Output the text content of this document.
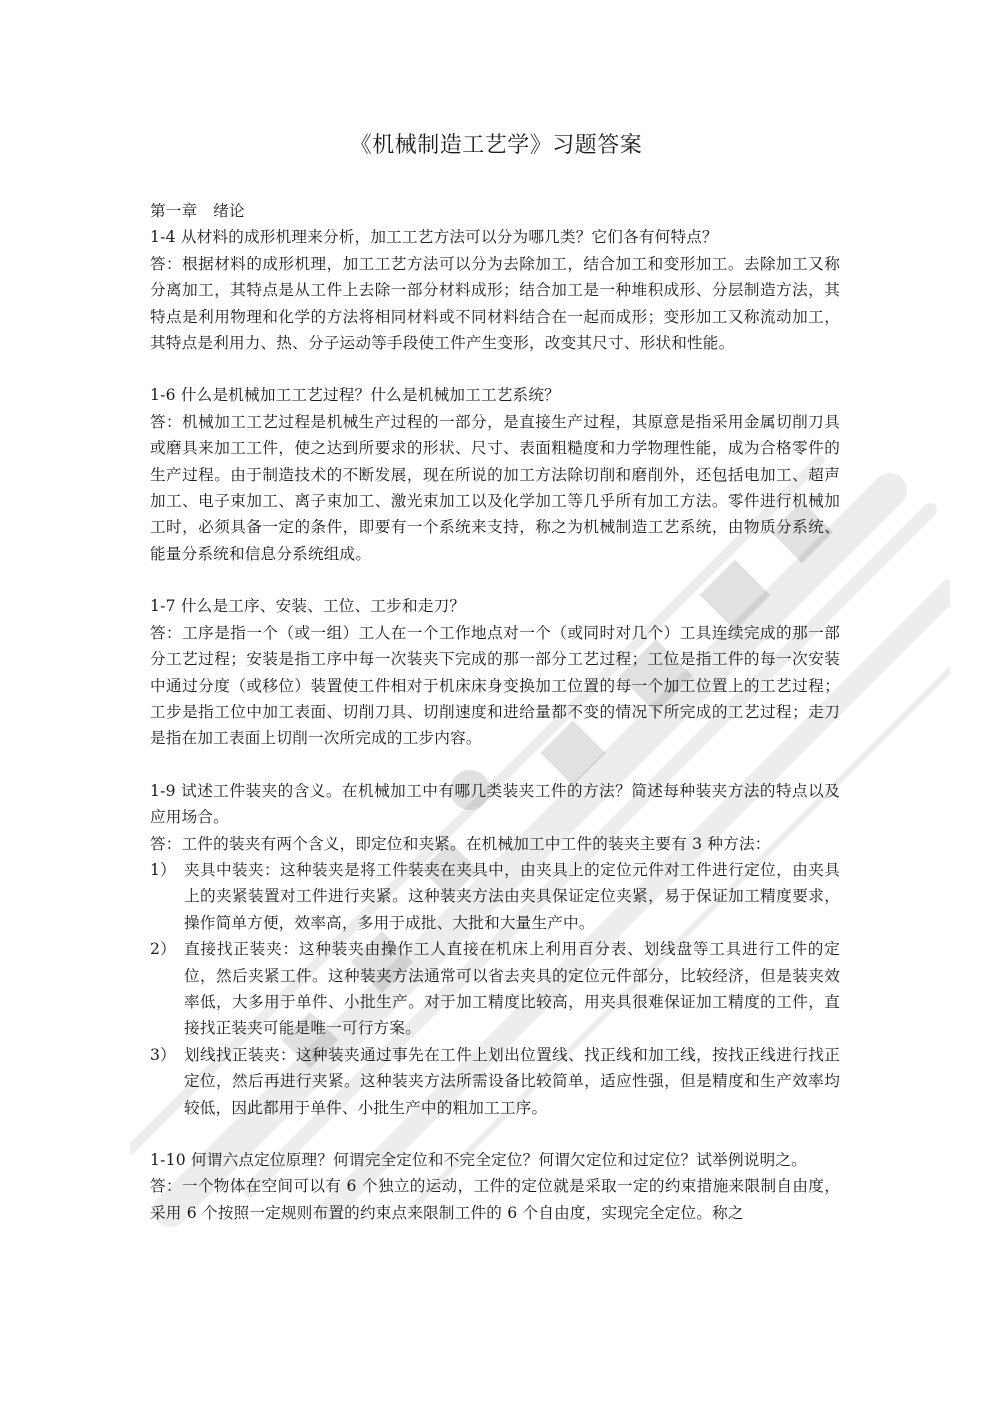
《机械制造工艺学》习题答案

第一章　绪论

1-4 从材料的成形机理来分析，加工工艺方法可以分为哪几类？它们各有何特点？

答：根据材料的成形机理，加工工艺方法可以分为去除加工，结合加工和变形加工。去除加工又称分离加工，其特点是从工件上去除一部分材料成形；结合加工是一种堆积成形、分层制造方法，其特点是利用物理和化学的方法将相同材料或不同材料结合在一起而成形；变形加工又称流动加工，其特点是利用力、热、分子运动等手段使工件产生变形，改变其尺寸、形状和性能。

1-6 什么是机械加工工艺过程？什么是机械加工工艺系统？

答：机械加工工艺过程是机械生产过程的一部分，是直接生产过程，其原意是指采用金属切削刀具或磨具来加工工件，使之达到所要求的形状、尺寸、表面粗糙度和力学物理性能，成为合格零件的生产过程。由于制造技术的不断发展，现在所说的加工方法除切削和磨削外，还包括电加工、超声加工、电子束加工、离子束加工、激光束加工以及化学加工等几乎所有加工方法。零件进行机械加工时，必须具备一定的条件，即要有一个系统来支持，称之为机械制造工艺系统，由物质分系统、能量分系统和信息分系统组成。

1-7 什么是工序、安装、工位、工步和走刀？

答：工序是指一个（或一组）工人在一个工作地点对一个（或同时对几个）工具连续完成的那一部分工艺过程；安装是指工序中每一次装夹下完成的那一部分工艺过程；工位是指工件的每一次安装中通过分度（或移位）装置使工件相对于机床床身变换加工位置的每一个加工位置上的工艺过程；工步是指工位中加工表面、切削刀具、切削速度和进给量都不变的情况下所完成的工艺过程；走刀是指在加工表面上切削一次所完成的工步内容。

1-9 试述工件装夹的含义。在机械加工中有哪几类装夹工件的方法？简述每种装夹方法的特点以及应用场合。

答：工件的装夹有两个含义，即定位和夹紧。在机械加工中工件的装夹主要有 3 种方法：

1） 夹具中装夹：这种装夹是将工件装夹在夹具中，由夹具上的定位元件对工件进行定位，由夹具上的夹紧装置对工件进行夹紧。这种装夹方法由夹具保证定位夹紧，易于保证加工精度要求，操作简单方便，效率高，多用于成批、大批和大量生产中。
2） 直接找正装夹：这种装夹由操作工人直接在机床上利用百分表、划线盘等工具进行工件的定位，然后夹紧工件。这种装夹方法通常可以省去夹具的定位元件部分，比较经济，但是装夹效率低，大多用于单件、小批生产。对于加工精度比较高，用夹具很难保证加工精度的工件，直接找正装夹可能是唯一可行方案。
3） 划线找正装夹：这种装夹通过事先在工件上划出位置线、找正线和加工线，按找正线进行找正定位，然后再进行夹紧。这种装夹方法所需设备比较简单，适应性强，但是精度和生产效率均较低，因此都用于单件、小批生产中的粗加工工序。

1-10 何谓六点定位原理？何谓完全定位和不完全定位？何谓欠定位和过定位？试举例说明之。

答：一个物体在空间可以有 6 个独立的运动，工件的定位就是采取一定的约束措施来限制自由度，采用 6 个按照一定规则布置的约束点来限制工件的 6 个自由度，实现完全定位。称之
